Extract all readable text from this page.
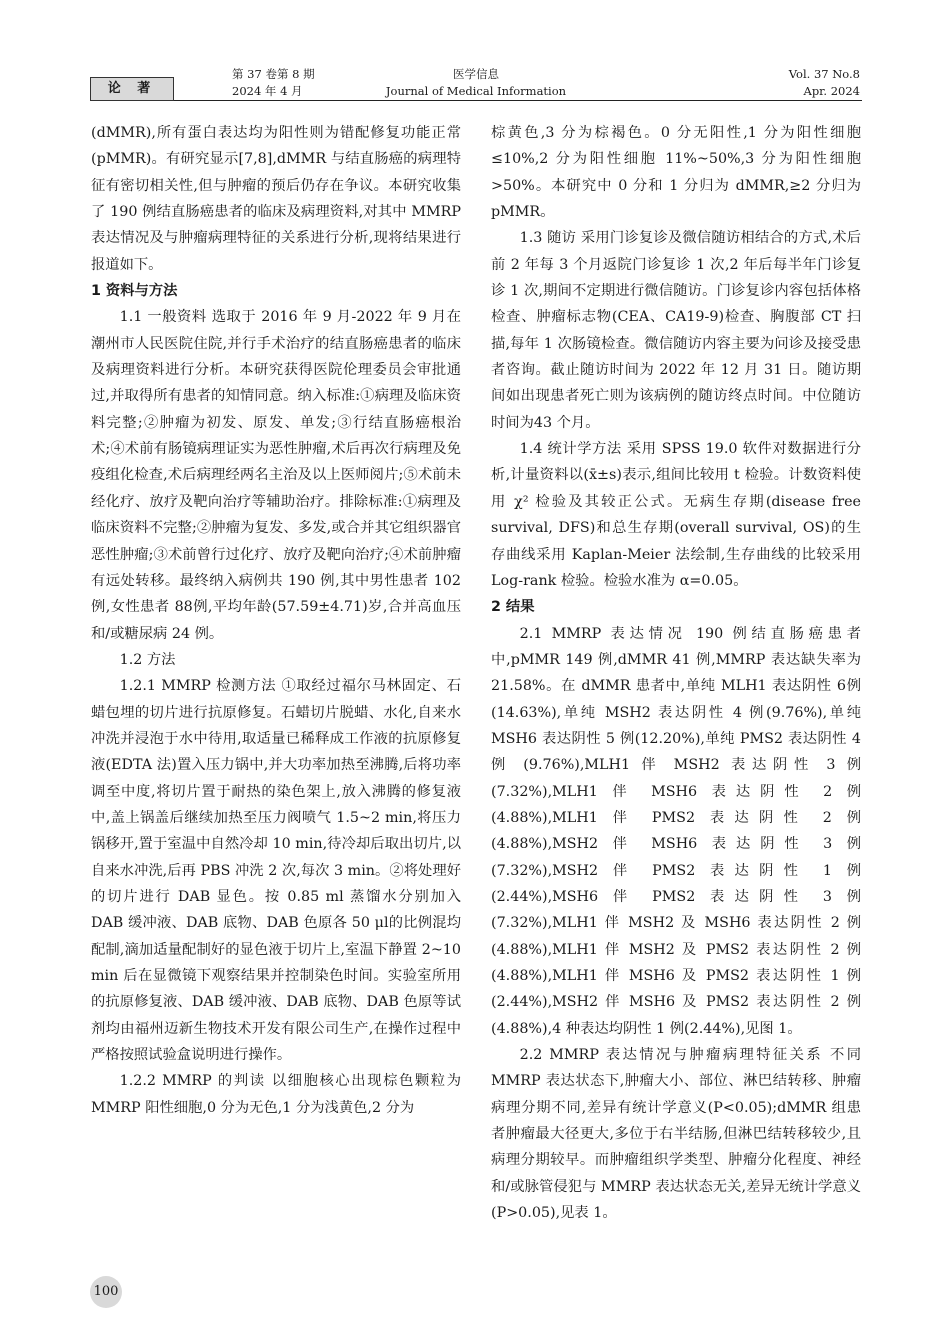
论 著
第 37 卷第 8 期
2024 年 4 月
医学信息
Journal of Medical Information
Vol. 37 No.8
Apr. 2024

(dMMR),所有蛋白表达均为阳性则为错配修复功能正常(pMMR)。有研究显示[7,8],dMMR 与结直肠癌的病理特征有密切相关性,但与肿瘤的预后仍存在争议。本研究收集了 190 例结直肠癌患者的临床及病理资料,对其中 MMRP 表达情况及与肿瘤病理特征的关系进行分析,现将结果进行报道如下。

1 资料与方法

1.1 一般资料 选取于 2016 年 9 月-2022 年 9 月在潮州市人民医院住院,并行手术治疗的结直肠癌患者的临床及病理资料进行分析。本研究获得医院伦理委员会审批通过,并取得所有患者的知情同意。纳入标准:①病理及临床资料完整;②肿瘤为初发、原发、单发;③行结直肠癌根治术;④术前有肠镜病理证实为恶性肿瘤,术后再次行病理及免疫组化检查,术后病理经两名主治及以上医师阅片;⑤术前未经化疗、放疗及靶向治疗等辅助治疗。排除标准:①病理及临床资料不完整;②肿瘤为复发、多发,或合并其它组织器官恶性肿瘤;③术前曾行过化疗、放疗及靶向治疗;④术前肿瘤有远处转移。最终纳入病例共 190 例,其中男性患者 102 例,女性患者 88例,平均年龄(57.59±4.71)岁,合并高血压和/或糖尿病 24 例。

1.2 方法

1.2.1 MMRP 检测方法 ①取经过福尔马林固定、石蜡包埋的切片进行抗原修复。石蜡切片脱蜡、水化,自来水冲洗并浸泡于水中待用,取适量已稀释成工作液的抗原修复液(EDTA 法)置入压力锅中,并大功率加热至沸腾,后将功率调至中度,将切片置于耐热的染色架上,放入沸腾的修复液中,盖上锅盖后继续加热至压力阀喷气 1.5~2 min,将压力锅移开,置于室温中自然冷却 10 min,待冷却后取出切片,以自来水冲洗,后再 PBS 冲洗 2 次,每次 3 min。②将处理好的切片进行 DAB 显色。按 0.85 ml 蒸馏水分别加入 DAB 缓冲液、DAB 底物、DAB 色原各 50 μl的比例混均配制,滴加适量配制好的显色液于切片上,室温下静置 2~10 min 后在显微镜下观察结果并控制染色时间。实验室所用的抗原修复液、DAB 缓冲液、DAB 底物、DAB 色原等试剂均由福州迈新生物技术开发有限公司生产,在操作过程中严格按照试验盒说明进行操作。

1.2.2 MMRP 的判读 以细胞核心出现棕色颗粒为 MMRP 阳性细胞,0 分为无色,1 分为浅黄色,2 分为

棕黄色,3 分为棕褐色。0 分无阳性,1 分为阳性细胞≤10%,2 分为阳性细胞 11%~50%,3 分为阳性细胞>50%。本研究中 0 分和 1 分归为 dMMR,≥2 分归为 pMMR。

1.3 随访 采用门诊复诊及微信随访相结合的方式,术后前 2 年每 3 个月返院门诊复诊 1 次,2 年后每半年门诊复诊 1 次,期间不定期进行微信随访。门诊复诊内容包括体格检查、肿瘤标志物(CEA、CA19-9)检查、胸腹部 CT 扫描,每年 1 次肠镜检查。微信随访内容主要为问诊及接受患者咨询。截止随访时间为 2022 年 12 月 31 日。随访期间如出现患者死亡则为该病例的随访终点时间。中位随访时间为43 个月。

1.4 统计学方法 采用 SPSS 19.0 软件对数据进行分析,计量资料以(x̄±s)表示,组间比较用 t 检验。计数资料使用 χ² 检验及其较正公式。无病生存期(disease free survival, DFS)和总生存期(overall survival, OS)的生存曲线采用 Kaplan-Meier 法绘制,生存曲线的比较采用 Log-rank 检验。检验水准为 α=0.05。

2 结果

2.1 MMRP 表达情况 190 例结直肠癌患者中,pMMR 149 例,dMMR 41 例,MMRP 表达缺失率为 21.58%。在 dMMR 患者中,单纯 MLH1 表达阴性 6例(14.63%),单纯 MSH2 表达阴性 4 例(9.76%),单纯 MSH6 表达阴性 5 例(12.20%),单纯 PMS2 表达阴性 4 例 (9.76%),MLH1 伴 MSH2 表达阴性 3 例(7.32%),MLH1 伴 MSH6 表达阴性 2 例 (4.88%),MLH1 伴 PMS2 表达阴性 2 例 (4.88%),MSH2 伴 MSH6 表达阴性 3 例 (7.32%),MSH2 伴 PMS2 表达阴性 1 例 (2.44%),MSH6 伴 PMS2 表达阴性 3 例(7.32%),MLH1 伴 MSH2 及 MSH6 表达阴性 2 例(4.88%),MLH1 伴 MSH2 及 PMS2 表达阴性 2 例(4.88%),MLH1 伴 MSH6 及 PMS2 表达阴性 1 例(2.44%),MSH2 伴 MSH6 及 PMS2 表达阴性 2 例(4.88%),4 种表达均阴性 1 例(2.44%),见图 1。

2.2 MMRP 表达情况与肿瘤病理特征关系 不同 MMRP 表达状态下,肿瘤大小、部位、淋巴结转移、肿瘤病理分期不同,差异有统计学意义(P<0.05);dMMR 组患者肿瘤最大径更大,多位于右半结肠,但淋巴结转移较少,且病理分期较早。而肿瘤组织学类型、肿瘤分化程度、神经和/或脉管侵犯与 MMRP 表达状态无关,差异无统计学意义(P>0.05),见表 1。

100
